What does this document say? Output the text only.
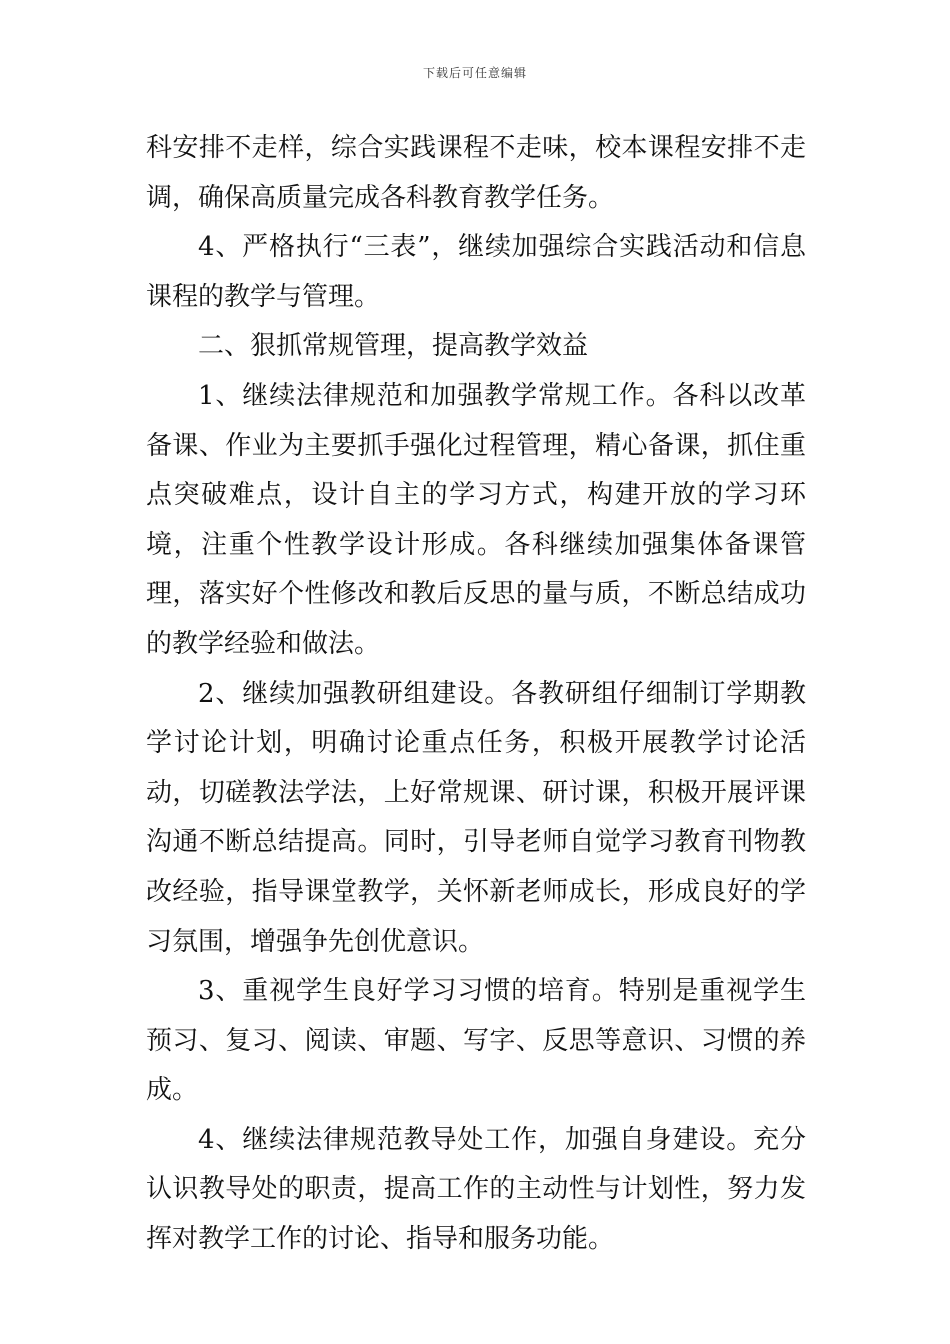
下载后可任意编辑

科安排不走样，综合实践课程不走味，校本课程安排不走调，确保高质量完成各科教育教学任务。

4、严格执行“三表”，继续加强综合实践活动和信息课程的教学与管理。

二、狠抓常规管理，提高教学效益

1、继续法律规范和加强教学常规工作。各科以改革备课、作业为主要抓手强化过程管理，精心备课，抓住重点突破难点，设计自主的学习方式，构建开放的学习环境，注重个性教学设计形成。各科继续加强集体备课管理，落实好个性修改和教后反思的量与质，不断总结成功的教学经验和做法。

2、继续加强教研组建设。各教研组仔细制订学期教学讨论计划，明确讨论重点任务，积极开展教学讨论活动，切磋教法学法，上好常规课、研讨课，积极开展评课沟通不断总结提高。同时，引导老师自觉学习教育刊物教改经验，指导课堂教学，关怀新老师成长，形成良好的学习氛围，增强争先创优意识。

3、重视学生良好学习习惯的培育。特别是重视学生预习、复习、阅读、审题、写字、反思等意识、习惯的养成。

4、继续法律规范教导处工作，加强自身建设。充分认识教导处的职责，提高工作的主动性与计划性，努力发挥对教学工作的讨论、指导和服务功能。
